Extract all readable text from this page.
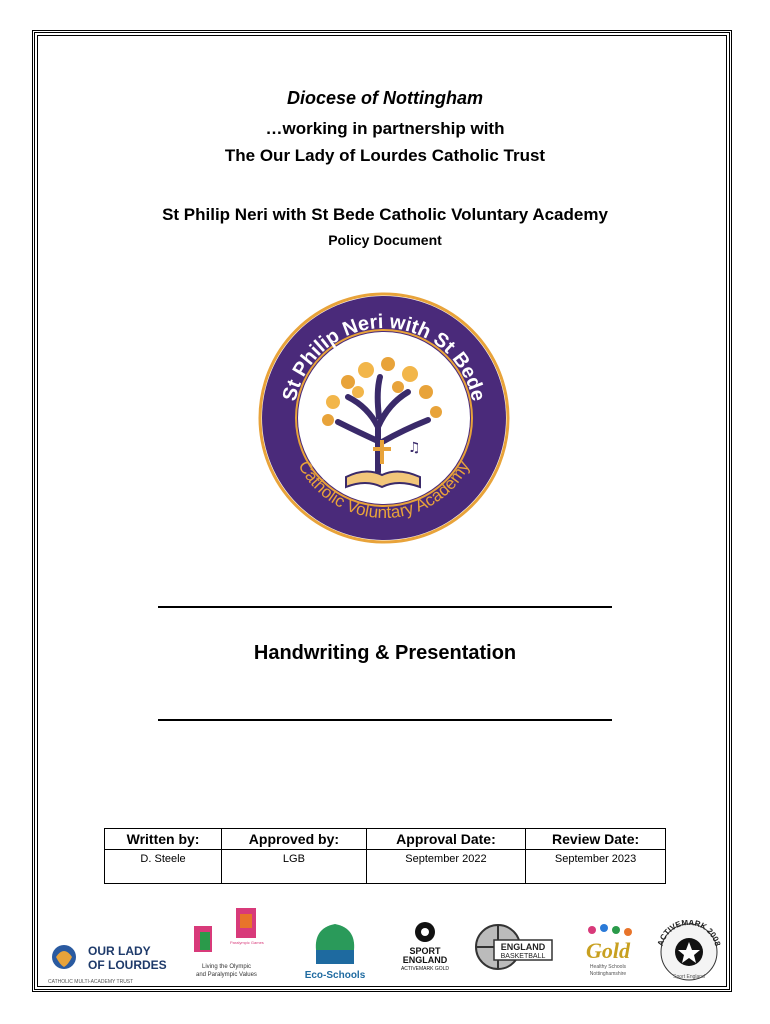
Diocese of Nottingham
…working in partnership with
The Our Lady of Lourdes Catholic Trust
St Philip Neri with St Bede Catholic Voluntary Academy
Policy Document
St Philip Neri with St Bede
Catholic Voluntary Academy
♫
Handwriting & Presentation
Written by:	Approved by:	Approval Date:	Review Date:
D. Steele	LGB	September 2022	September 2023
OUR LADY
OF LOURDES
CATHOLIC MULTI-ACADEMY TRUST
Paralympic Games
Living the Olympic
and Paralympic Values	Eco-Schools
SPORT
ENGLAND
ACTIVEMARK GOLD
ENGLAND
BASKETBALL Gold
Healthy Schools
Nottinghamshire
ACTIVEMARK 2008
Sport England
